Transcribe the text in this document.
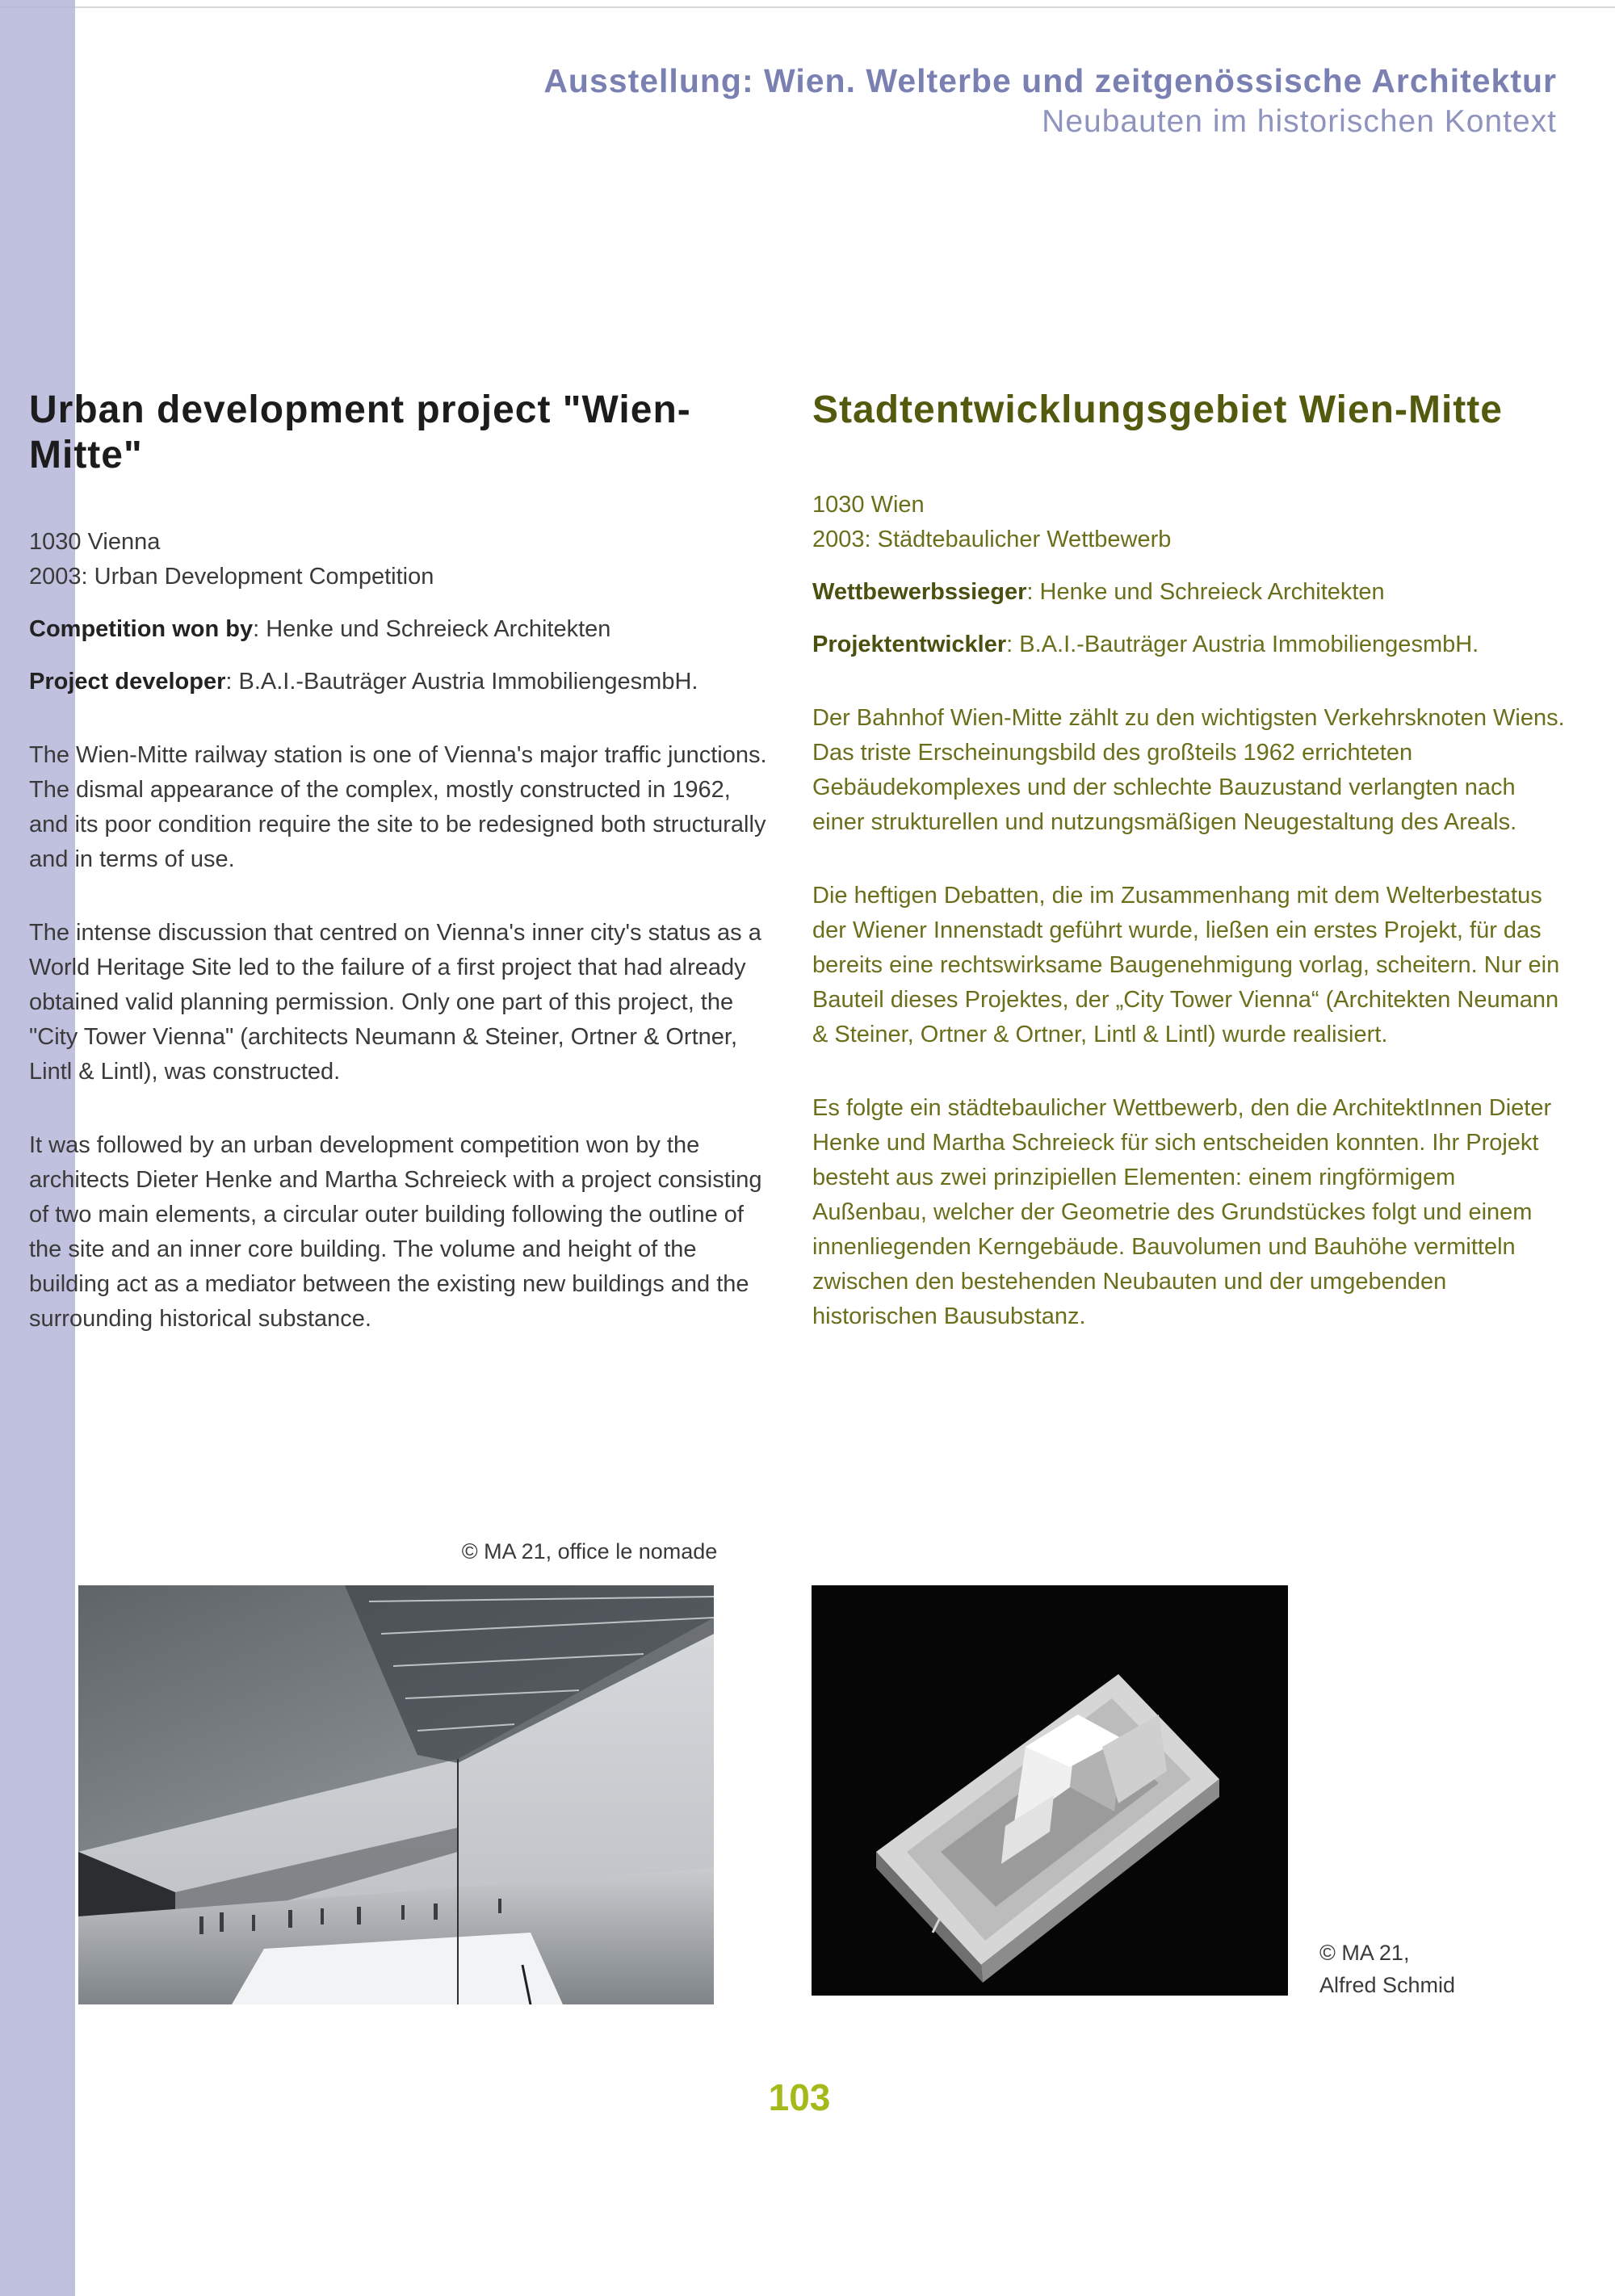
Ausstellung: Wien. Welterbe und zeitgenössische Architektur
Neubauten im historischen Kontext
Urban development project "Wien-Mitte"

1030 Vienna

2003: Urban Development Competition

Competition won by: Henke und Schreieck Architekten

Project developer: B.A.I.-Bauträger Austria ImmobiliengesmbH.

The Wien-Mitte railway station is one of Vienna's major traffic junctions. The dismal appearance of the complex, mostly constructed in 1962, and its poor condition require the site to be redesigned both structurally and in terms of use.

The intense discussion that centred on Vienna's inner city's status as a World Heritage Site led to the failure of a first project that had already obtained valid planning permission. Only one part of this project, the "City Tower Vienna" (architects Neumann & Steiner, Ortner & Ortner, Lintl & Lintl), was constructed.

It was followed by an urban development competition won by the architects Dieter Henke and Martha Schreieck with a project consisting of two main elements, a circular outer building following the outline of the site and an inner core building. The volume and height of the building act as a mediator between the existing new buildings and the surrounding historical substance.

Stadtentwicklungsgebiet Wien-Mitte

1030 Wien

2003: Städtebaulicher Wettbewerb

Wettbewerbssieger: Henke und Schreieck Architekten

Projektentwickler: B.A.I.-Bauträger Austria ImmobiliengesmbH.

Der Bahnhof Wien-Mitte zählt zu den wichtigsten Verkehrsknoten Wiens. Das triste Erscheinungsbild des großteils 1962 errichteten Gebäudekomplexes und der schlechte Bauzustand verlangten nach einer strukturellen und nutzungsmäßigen Neugestaltung des Areals.

Die heftigen Debatten, die im Zusammenhang mit dem Welterbestatus der Wiener Innenstadt geführt wurde, ließen ein erstes Projekt, für das bereits eine rechtswirksame Baugenehmigung vorlag, scheitern. Nur ein Bauteil dieses Projektes, der „City Tower Vienna“ (Architekten Neumann & Steiner, Ortner & Ortner, Lintl & Lintl) wurde realisiert.

Es folgte ein städtebaulicher Wettbewerb, den die ArchitektInnen Dieter Henke und Martha Schreieck für sich entscheiden konnten. Ihr Projekt besteht aus zwei prinzipiellen Elementen: einem ringförmigem Außenbau, welcher der Geometrie des Grundstückes folgt und einem innenliegenden Kerngebäude. Bauvolumen und Bauhöhe vermitteln zwischen den bestehenden Neubauten und der umgebenden historischen Bausubstanz.

© MA 21, office le nomade
© MA 21,
Alfred Schmid
103
